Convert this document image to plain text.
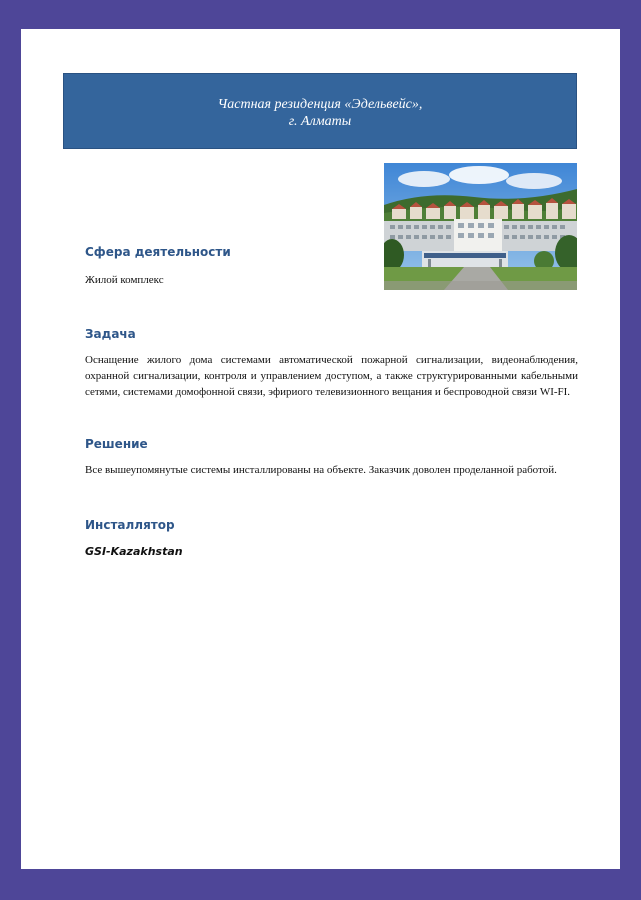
Частная резиденция «Эдельвейс»,
г. Алматы
Сфера деятельности

Жилой комплекс

Задача

Оснащение жилого дома системами автоматической пожарной сигнализации, видеонаблюдения, охранной сигнализации, контроля и управлением доступом, а также структурированными кабельными сетями, системами домофонной связи, эфириого телевизионного вещания и беспроводной связи WI-FI.

Решение

Все вышеупомянутые системы инсталлированы на объекте. Заказчик доволен проделанной работой.

Инсталлятор

GSI-Kazakhstan
